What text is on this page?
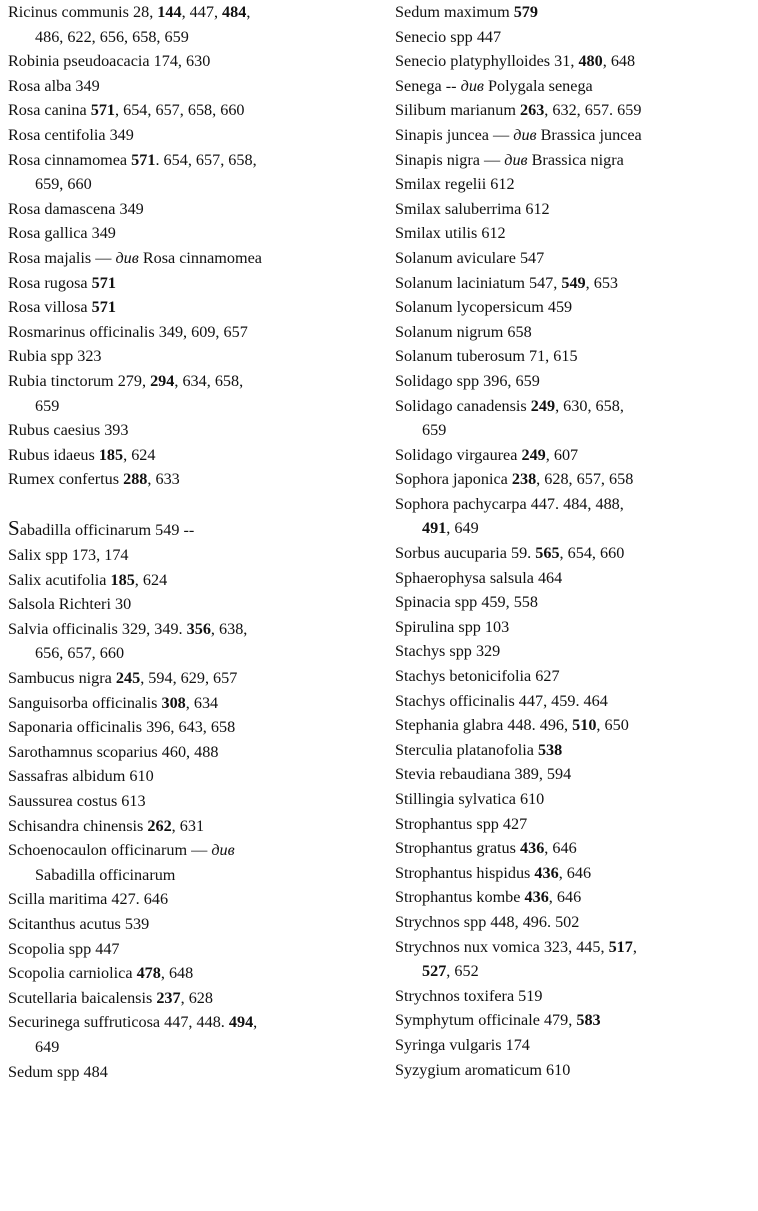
Ricinus communis 28, 144, 447, 484,
486, 622, 656, 658, 659
Robinia pseudoacacia 174, 630
Rosa alba 349
Rosa canina 571, 654, 657, 658, 660
Rosa centifolia 349
Rosa cinnamomea 571. 654, 657, 658,
659, 660
Rosa damascena 349
Rosa gallica 349
Rosa majalis — див Rosa cinnamomea
Rosa rugosa 571
Rosa villosa 571
Rosmarinus officinalis 349, 609, 657
Rubia spp 323
Rubia tinctorum 279, 294, 634, 658,
659
Rubus caesius 393
Rubus idaeus 185, 624
Rumex confertus 288, 633
Sabadilla officinarum 549 --
Salix spp 173, 174
Salix acutifolia 185, 624
Salsola Richteri 30
Salvia officinalis 329, 349. 356, 638,
656, 657, 660
Sambucus nigra 245, 594, 629, 657
Sanguisorba officinalis 308, 634
Saponaria officinalis 396, 643, 658
Sarothamnus scoparius 460, 488
Sassafras albidum 610
Saussurea costus 613
Schisandra chinensis 262, 631
Schoenocaulon officinarum — див
Sabadilla officinarum
Scilla maritima 427. 646
Scitanthus acutus 539
Scopolia spp 447
Scopolia carniolica 478, 648
Scutellaria baicalensis 237, 628
Securinega suffruticosa 447, 448. 494,
649
Sedum spp 484
Sedum maximum 579
Senecio spp 447
Senecio platyphylloides 31, 480, 648
Senega -- див Polygala senega
Silibum marianum 263, 632, 657. 659
Sinapis juncea — див Brassica juncea
Sinapis nigra — див Brassica nigra
Smilax regelii 612
Smilax saluberrima 612
Smilax utilis 612
Solanum aviculare 547
Solanum laciniatum 547, 549, 653
Solanum lycopersicum 459
Solanum nigrum 658
Solanum tuberosum 71, 615
Solidago spp 396, 659
Solidago canadensis 249, 630, 658,
659
Solidago virgaurea 249, 607
Sophora japonica 238, 628, 657, 658
Sophora pachycarpa 447. 484, 488,
491, 649
Sorbus aucuparia 59. 565, 654, 660
Sphaerophysa salsula 464
Spinacia spp 459, 558
Spirulina spp 103
Stachys spp 329
Stachys betonicifolia 627
Stachys officinalis 447, 459. 464
Stephania glabra 448. 496, 510, 650
Sterculia platanofolia 538
Stevia rebaudiana 389, 594
Stillingia sylvatica 610
Strophantus spp 427
Strophantus gratus 436, 646
Strophantus hispidus 436, 646
Strophantus kombe 436, 646
Strychnos spp 448, 496. 502
Strychnos nux vomica 323, 445, 517,
527, 652
Strychnos toxifera 519
Symphytum officinale 479, 583
Syringa vulgaris 174
Syzygium aromaticum 610
